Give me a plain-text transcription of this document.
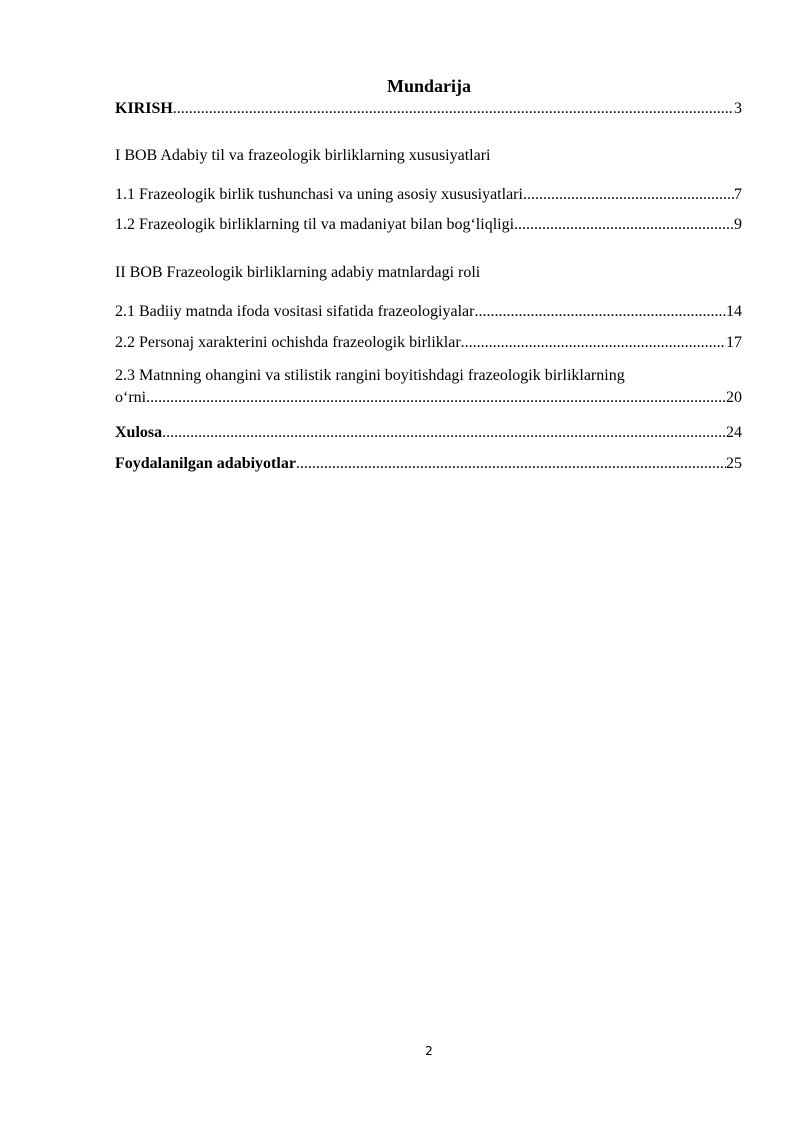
Mundarija
KIRISH .....	3
I BOB Adabiy til va frazeologik birliklarning xususiyatlari
1.1 Frazeologik birlik tushunchasi va uning asosiy xususiyatlari .....	7
1.2 Frazeologik birliklarning til va madaniyat bilan bog‘liqligi .....	9
II BOB Frazeologik birliklarning adabiy matnlardagi roli
2.1 Badiiy matnda ifoda vositasi sifatida frazeologiyalar .....	14
2.2 Personaj xarakterini ochishda frazeologik birliklar .....	17
2.3 Matnning ohangini va stilistik rangini boyitishdagi frazeologik birliklarning
o‘rni .....	20
Xulosa .....	24
Foydalanilgan adabiyotlar .....	25
2
